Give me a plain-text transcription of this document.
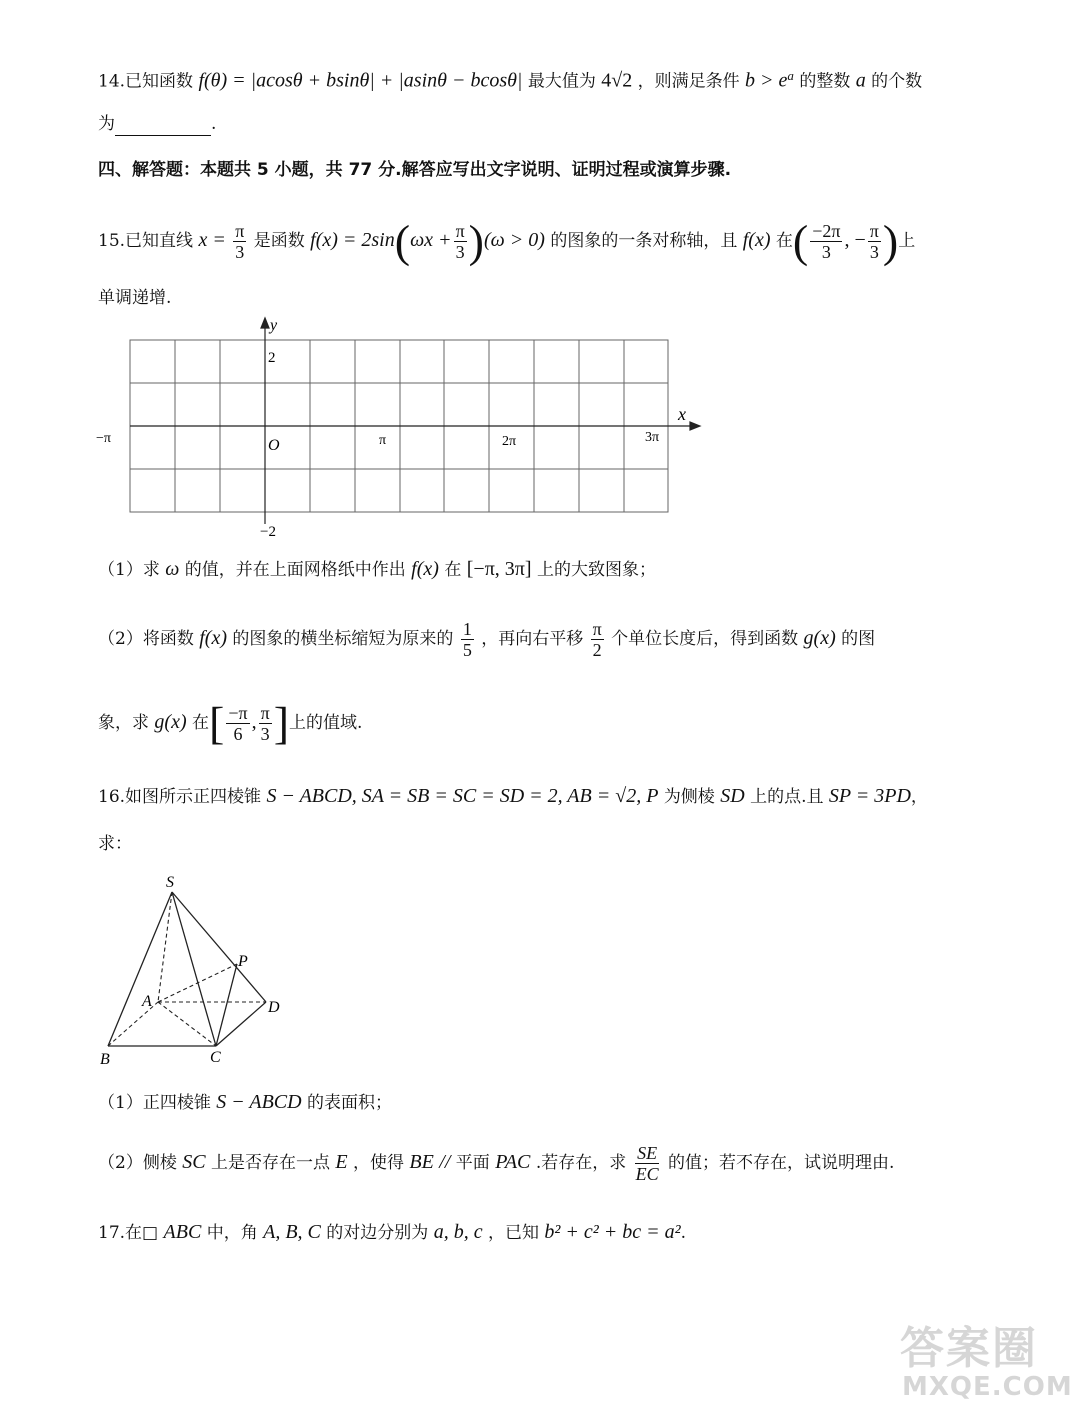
14.已知函数 f(θ) = |acosθ + bsinθ| + |asinθ − bcosθ| 最大值为 4√2 ，则满足条件 $b > e^a$ 的整数 a 的个数
为	.
四、解答题：本题共 5 小题，共 77 分.解答应写出文字说明、证明过程或演算步骤.
15.已知直线 $x = \frac{\pi}{3}$ 是函数 $f(x) = 2\sin(\omega x + \frac{\pi}{3} )(\omega > 0)$ 的图象的一条对称轴，且 f(x) 在( $\frac{-2\pi}{3}$ , − $\frac{\pi}{3}$ )上
单调递增.
y
x
2
−2
O
−π	π	2π	3π
（1）求 ω 的值，并在上面网格纸中作出 f(x) 在 [−π, 3π] 上的大致图象；
（2）将函数 f(x) 的图象的横坐标缩短为原来的 $\frac{1}{5}$ ，再向右平移 $\frac{\pi}{2}$ 个单位长度后，得到函数 g(x) 的图
象，求 g(x) 在[ $\frac{-\pi}{6}$ , $\frac{\pi}{3}$ ]上的值域.
16.如图所示正四棱锥 S − ABCD, SA = SB = SC = SD = 2, AB = √2, P 为侧棱 SD 上的点.且 SP = 3PD，
求：
S
P
A	D
B	C
（1）正四棱锥 S − ABCD 的表面积；
（2）侧棱 SC 上是否存在一点 E ，使得 BE // 平面 PAC .若存在，求 $\frac{SE}{EC}$ 的值；若不存在，试说明理由.
17.在□ ABC 中，角 A, B, C 的对边分别为 a, b, c ，已知 b² + c² + bc = a².
答案圈
MXQE.COM
